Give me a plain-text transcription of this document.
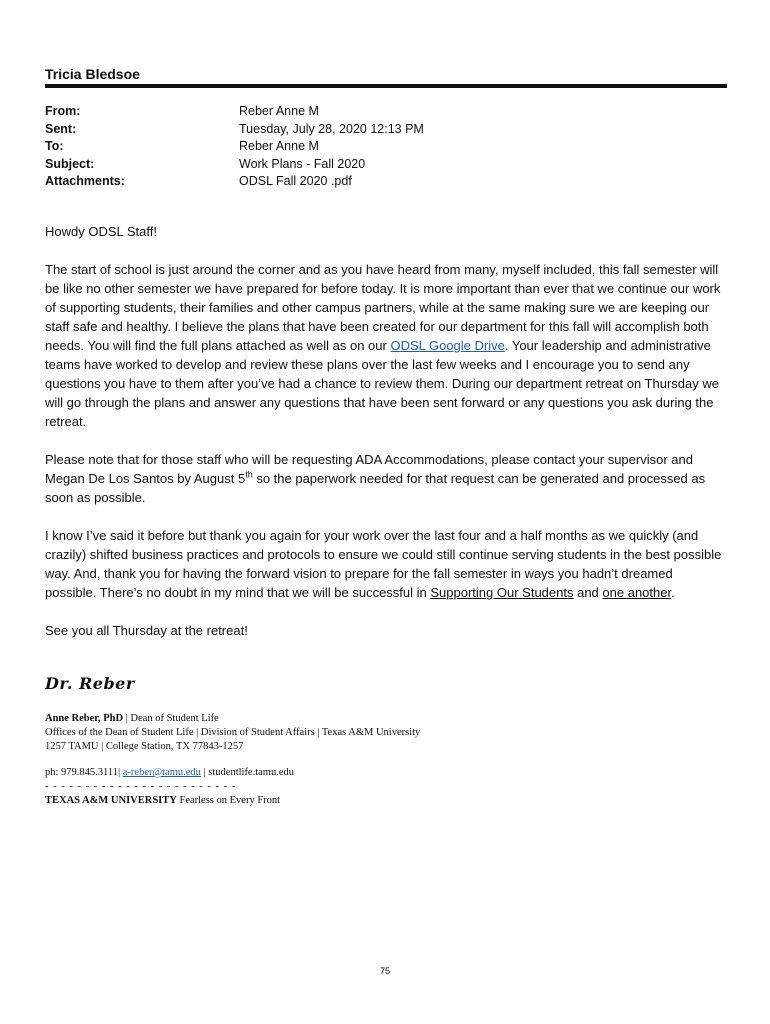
Tricia Bledsoe
From:	Reber Anne M
Sent:	Tuesday, July 28, 2020 12:13 PM
To:	Reber Anne M
Subject:	Work Plans - Fall 2020
Attachments:	ODSL Fall 2020 .pdf

Howdy ODSL Staff!

The start of school is just around the corner and as you have heard from many, myself included, this fall semester will be like no other semester we have prepared for before today. It is more important than ever that we continue our work of supporting students, their families and other campus partners, while at the same making sure we are keeping our staff safe and healthy. I believe the plans that have been created for our department for this fall will accomplish both needs. You will find the full plans attached as well as on our ODSL Google Drive. Your leadership and administrative teams have worked to develop and review these plans over the last few weeks and I encourage you to send any questions you have to them after you’ve had a chance to review them. During our department retreat on Thursday we will go through the plans and answer any questions that have been sent forward or any questions you ask during the retreat.

Please note that for those staff who will be requesting ADA Accommodations, please contact your supervisor and Megan De Los Santos by August 5th so the paperwork needed for that request can be generated and processed as soon as possible.

I know I’ve said it before but thank you again for your work over the last four and a half months as we quickly (and crazily) shifted business practices and protocols to ensure we could still continue serving students in the best possible way. And, thank you for having the forward vision to prepare for the fall semester in ways you hadn’t dreamed possible. There’s no doubt in my mind that we will be successful in Supporting Our Students and one another.

See you all Thursday at the retreat!

Dr. Reber
Anne Reber, PhD | Dean of Student Life
Offices of the Dean of Student Life | Division of Student Affairs | Texas A&M University
1257 TAMU | College Station, TX 77843-1257
ph: 979.845.3111| a-reber@tamu.edu | studentlife.tamu.edu
- - - - - - - - - - - - - - - - - - - - - - - -
TEXAS A&M UNIVERSITY Fearless on Every Front
75
